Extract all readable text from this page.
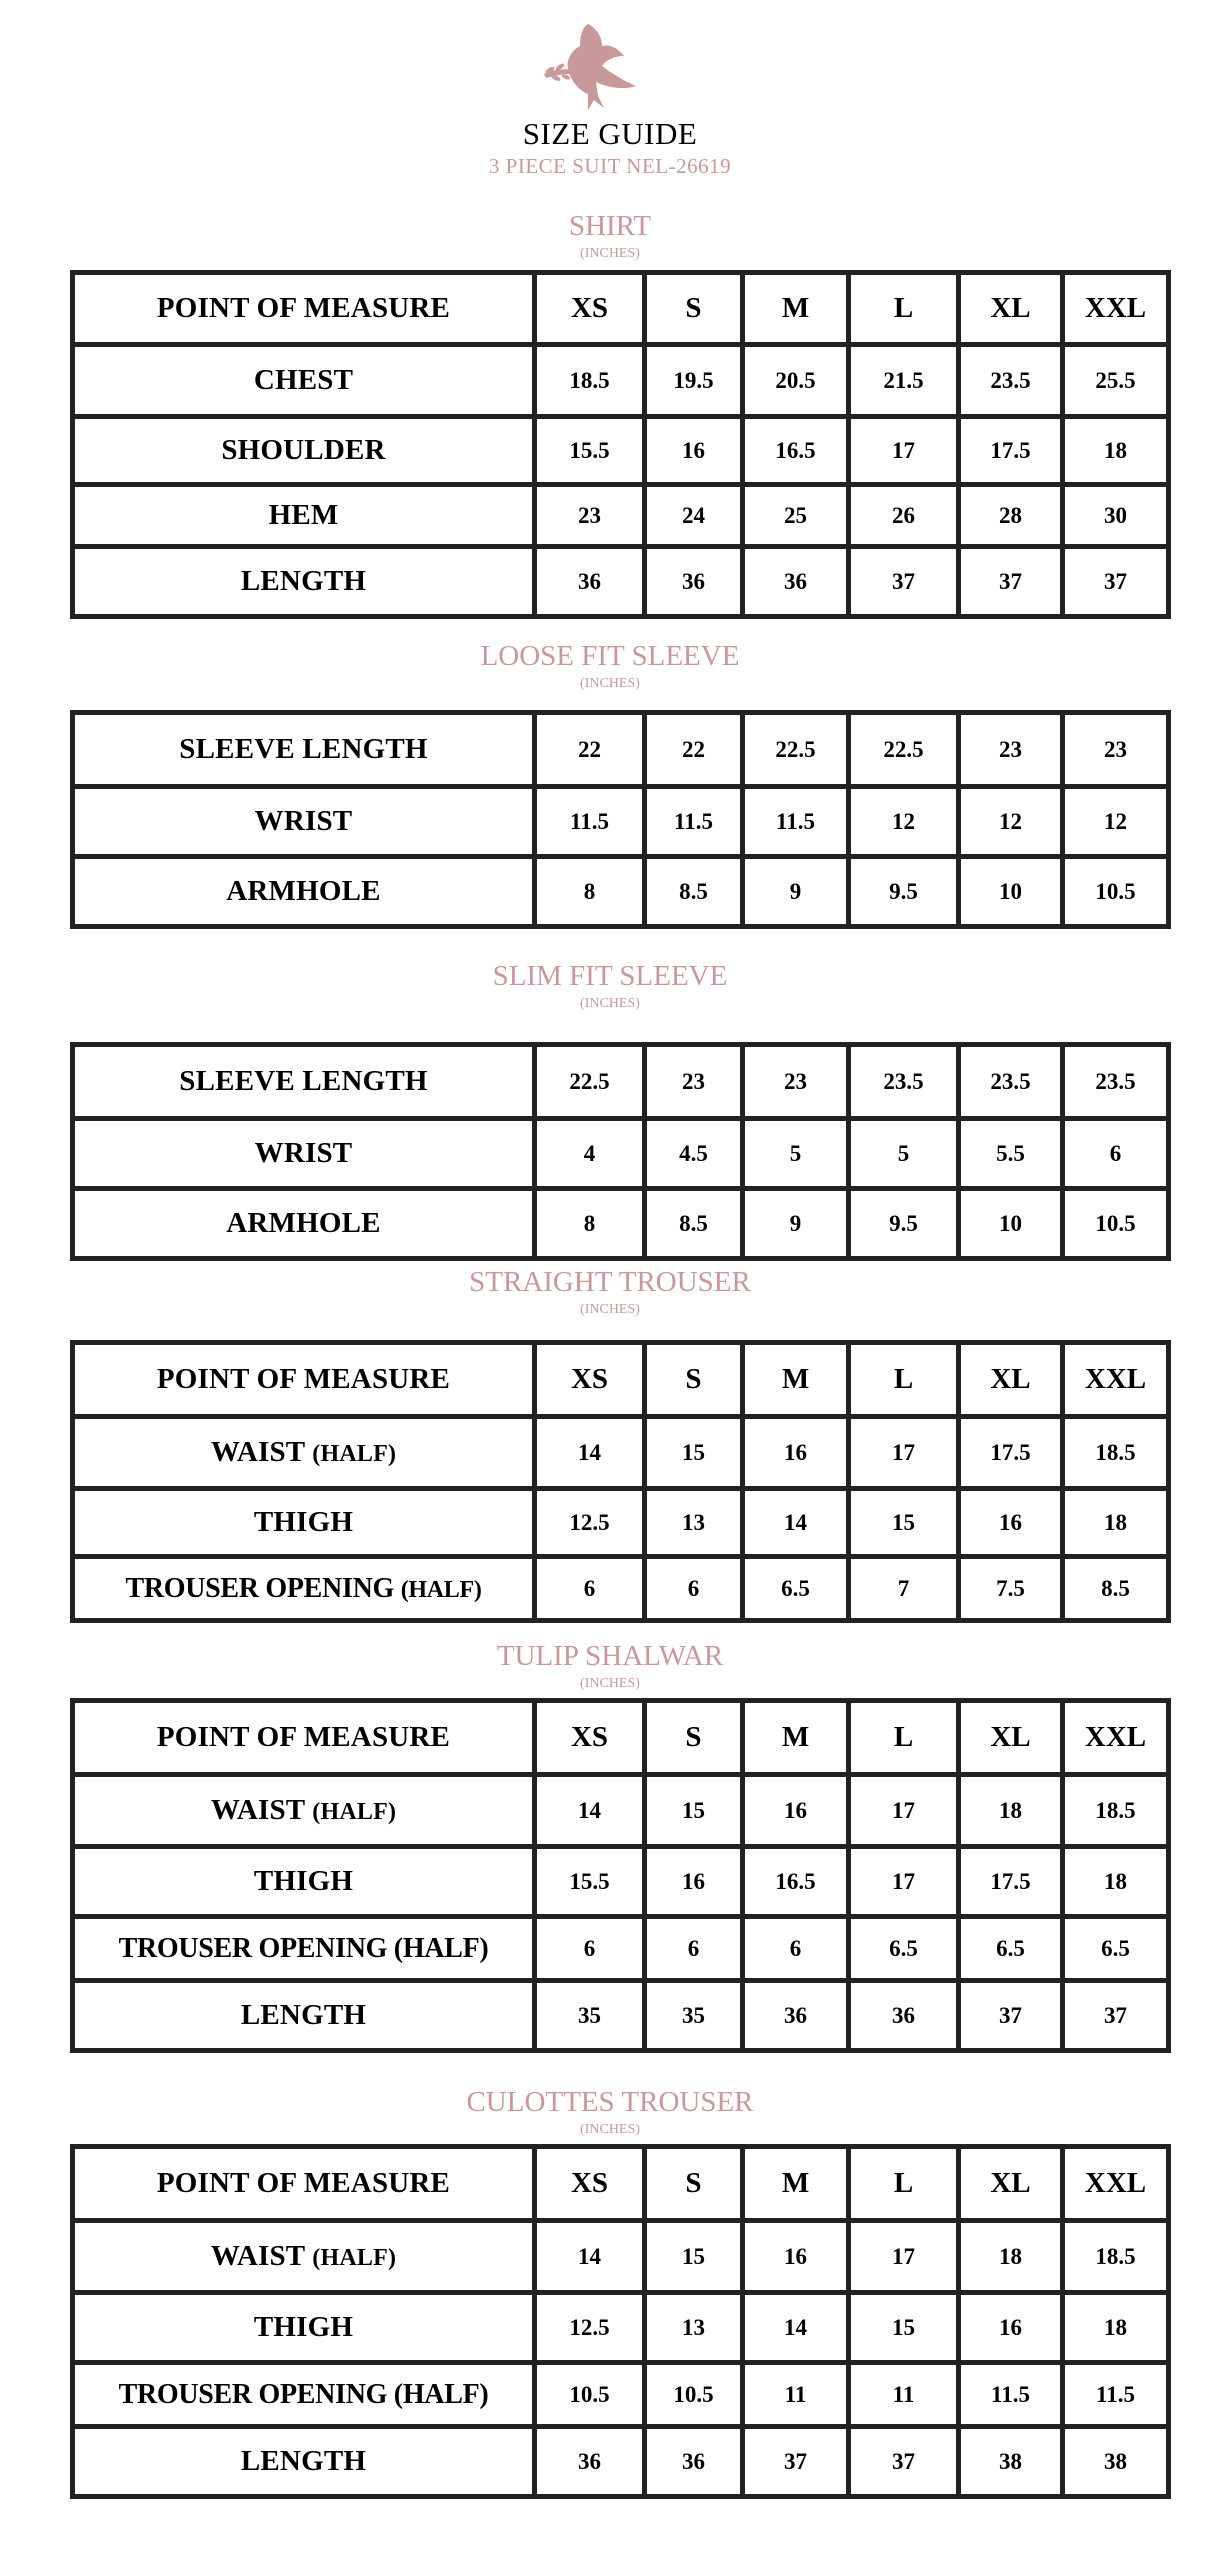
SIZE GUIDE
3 PIECE SUIT NEL-26619
SHIRT
(INCHES)
POINT OF MEASURE	XS	S	M	L	XL	XXL
CHEST	18.5	19.5	20.5	21.5	23.5	25.5
SHOULDER	15.5	16	16.5	17	17.5	18
HEM	23	24	25	26	28	30
LENGTH	36	36	36	37	37	37
LOOSE FIT SLEEVE
(INCHES)
SLEEVE LENGTH	22	22	22.5	22.5	23	23
WRIST	11.5	11.5	11.5	12	12	12
ARMHOLE	8	8.5	9	9.5	10	10.5
SLIM FIT SLEEVE
(INCHES)
SLEEVE LENGTH	22.5	23	23	23.5	23.5	23.5
WRIST	4	4.5	5	5	5.5	6
ARMHOLE	8	8.5	9	9.5	10	10.5
STRAIGHT TROUSER
(INCHES)
POINT OF MEASURE	XS	S	M	L	XL	XXL
WAIST (HALF)	14	15	16	17	17.5	18.5
THIGH	12.5	13	14	15	16	18
TROUSER OPENING (HALF)	6	6	6.5	7	7.5	8.5
TULIP SHALWAR
(INCHES)
POINT OF MEASURE	XS	S	M	L	XL	XXL
WAIST (HALF)	14	15	16	17	18	18.5
THIGH	15.5	16	16.5	17	17.5	18
TROUSER OPENING (HALF)	6	6	6	6.5	6.5	6.5
LENGTH	35	35	36	36	37	37
CULOTTES TROUSER
(INCHES)
POINT OF MEASURE	XS	S	M	L	XL	XXL
WAIST (HALF)	14	15	16	17	18	18.5
THIGH	12.5	13	14	15	16	18
TROUSER OPENING (HALF)	10.5	10.5	11	11	11.5	11.5
LENGTH	36	36	37	37	38	38
